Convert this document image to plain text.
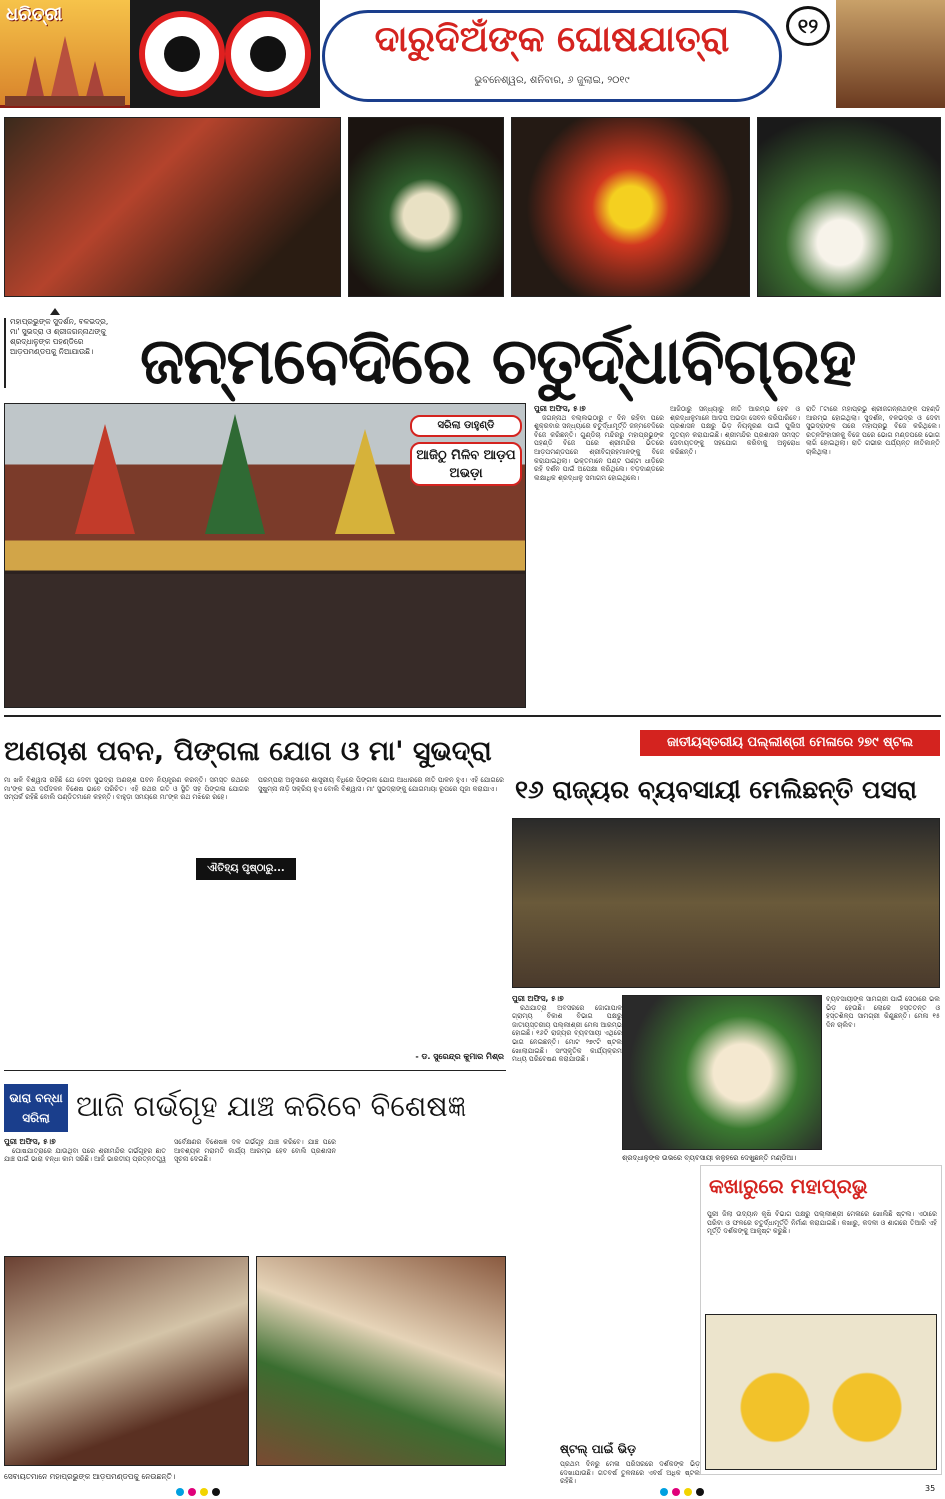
ଧରିତ୍ରୀ
ଦାରୁଦିଅଁଙ୍କ ଘୋଷଯାତ୍ରା
ଭୁବନେଶ୍ୱର, ଶନିବାର, ୬ ଜୁଲାଇ, ୨୦୧୯
୧୨

ମହାପ୍ରଭୁଙ୍କ ସୁଦର୍ଶନ, ବଳଭଦ୍ର, ମା' ସୁଭଦ୍ରା ଓ ଶ୍ରୀଜଗନ୍ନାଥଙ୍କୁ ଶ୍ରଦ୍ଧାଳୁଙ୍କ ପହଣ୍ଡିରେ ଆଡ଼ପମଣ୍ଡପକୁ ନିଆଯାଉଛି। ଜନ୍ମବେଦିରେ ଚତୁର୍ଦ୍ଧାବିଗ୍ରହ
ସରିଲା ଡାହୁଣ୍ଡି
ଆଜିଠୁ ମିଳିବ ଆଡ଼ପ ଅଭଡ଼ା

ପୁରୀ ଅଫିସ, ୫।୭

ଜଗନ୍ନାଥ ବଲ୍ଲଭଠାରୁ ୯ ଦିନ ରହିବା ପରେ ଶୁକ୍ରବାର ସନ୍ଧ୍ୟାରେ ଚତୁର୍ଦ୍ଧାମୂର୍ତ୍ତି ଜନ୍ମବେଦିରେ ବିଜେ କରିଛନ୍ତି। ଗୁଣ୍ଡିଚା ମନ୍ଦିରରୁ ମହାପ୍ରଭୁଙ୍କ ପହଣ୍ଡି ବିଜେ ପରେ ଶ୍ରୀମନ୍ଦିର ଭିତରେ ଆଡ଼ପମଣ୍ଡପରେ ଶ୍ରୀବିଗ୍ରହମାନଙ୍କୁ ବିଜେ କରାଯାଇଥିଲା। ଭକ୍ତମାନେ ଘଣ୍ଟ ଘଣ୍ଟା ଧାଡ଼ିରେ ରହି ଦର୍ଶନ ପାଇଁ ଅପେକ୍ଷା କରିଥିଲେ। ବଡ଼ଦାଣ୍ଡରେ ଲକ୍ଷାଧିକ ଶ୍ରଦ୍ଧାଳୁ ସମାଗମ ହୋଇଥିଲେ।

ଆଜିଠାରୁ ସନ୍ଧ୍ୟାରୁ ନୀତି ଆରମ୍ଭ ହେବ ଓ ଶ୍ରଦ୍ଧାଳୁମାନେ ଆଡ଼ପ ଅଭଡ଼ା ସେବନ କରିପାରିବେ। ପ୍ରଶାସନ ପକ୍ଷରୁ ଭିଡ଼ ନିୟନ୍ତ୍ରଣ ପାଇଁ ପୁଲିସ ମୁତୟନ କରାଯାଇଛି। ଶ୍ରୀମନ୍ଦିର ପ୍ରଶାସନ ସମସ୍ତ ସେବାୟତଙ୍କୁ ସହଯୋଗ କରିବାକୁ ଅନୁରୋଧ କରିଛନ୍ତି।

ରାତି ୮ଟାରେ ମହାପ୍ରଭୁ ଶ୍ରୀଜଗନ୍ନାଥଙ୍କ ପହଣ୍ଡି ଆରମ୍ଭ ହୋଇଥିଲା। ସୁଦର୍ଶନ, ବଳଭଦ୍ର ଓ ଦେବୀ ସୁଭଦ୍ରାଙ୍କ ପରେ ମହାପ୍ରଭୁ ବିଜେ କରିଥିଲେ। ରତ୍ନସିଂହାସନକୁ ବିଜେ ପରେ ଭୋଗ ମଣ୍ଡପରେ ଭୋଗ ଲାଗି ହୋଇଥିଲା। ରାତି ଗଭୀର ପର୍ଯ୍ୟନ୍ତ ନୀତିକାନ୍ତି ଚାଲିଥିଲା।

ଅଣଚାଶ ପବନ, ପିଙ୍ଗଳା ଯୋଗ ଓ ମା' ସୁଭଦ୍ରା

ମା ଖଳି ବିଶ୍ୱାସ ରହିଛି ଯେ ଦେବୀ ସୁଭଦ୍ରା ଅଣଚାଶ ପବନ ନିୟନ୍ତ୍ରଣ କରନ୍ତି। ସମସ୍ତ ରଥରେ ମା'ଙ୍କ ରଥ ଦର୍ପଦଳନ ବିଶେଷ ଭାବେ ପରିଚିତ। ଏହି ରଥର ଗତି ଓ ସ୍ଥିତି ସହ ପିଙ୍ଗଳା ଯୋଗର ସମ୍ପର୍କ ରହିଛି ବୋଲି ପଣ୍ଡିତମାନେ କହନ୍ତି। ବାହୁଡ଼ା ସମୟରେ ମା'ଙ୍କ ରଥ ମଝିରେ ରହେ।

ଐତିହ୍ୟ ପୃଷ୍ଠାରୁ...

ପରମ୍ପରା ଅନୁସାରେ ଶାସ୍ତ୍ରୀୟ ବିଧିରେ ପିଙ୍ଗଳା ଯୋଗ ଆଧାରରେ ନୀତି ପାଳନ ହୁଏ। ଏହି ଯୋଗରେ ସୁଷୁମ୍ନା ନାଡ଼ି ସକ୍ରିୟ ହୁଏ ବୋଲି ବିଶ୍ୱାସ। ମା' ସୁଭଦ୍ରାଙ୍କୁ ଯୋଗମାୟା ରୂପରେ ପୂଜା କରାଯାଏ।

- ଡ. ସୁରେନ୍ଦ୍ର କୁମାର ମିଶ୍ର
ଭାରା ବନ୍ଧା
ସରିଲା ଆଜି ଗର୍ଭଗୃହ ଯାଞ୍ଚ କରିବେ ବିଶେଷଜ୍ଞ

ପୁରୀ ଅଫିସ, ୫।୭

ଘୋଷଯାତ୍ରାରେ ଯାଉଥିବା ପରେ ଶ୍ରୀମନ୍ଦିର ଗର୍ଭଗୃହର ଛାତ ଯାଞ୍ଚ ପାଇଁ ଭାରା ବନ୍ଧା କାମ ସରିଛି। ଆଜି ଭାରତୀୟ ପ୍ରତ୍ନତତ୍ତ୍ୱ ସର୍ବେକ୍ଷଣର ବିଶେଷଜ୍ଞ ଦଳ ଗର୍ଭଗୃହ ଯାଞ୍ଚ କରିବେ। ଯାଞ୍ଚ ପରେ ଆବଶ୍ୟକ ମରାମତି କାର୍ଯ୍ୟ ଆରମ୍ଭ ହେବ ବୋଲି ପ୍ରଶାସନ ସୂଚନା ଦେଇଛି।

ସେବାୟତମାନେ ମହାପ୍ରଭୁଙ୍କ ଆଡ଼ପମଣ୍ଡପକୁ ନେଉଛନ୍ତି।
ଜାତୀୟସ୍ତରୀୟ ପଲ୍ଲୀଶ୍ରୀ ମେଳାରେ ୨୭୯ ଷ୍ଟଲ
୧୬ ରାଜ୍ୟର ବ୍ୟବସାୟୀ ମେଲିଛନ୍ତି ପସରା

ପୁରୀ ଅଫିସ, ୫।୭

ରଥଯାତ୍ରା ଅବସରରେ ଜୋଗାପାଳ ଗ୍ରାମ୍ୟ ବିକାଶ ବିଭାଗ ପକ୍ଷରୁ ଜାତୀୟସ୍ତରୀୟ ପଲ୍ଲୀଶ୍ରୀ ମେଳା ଆରମ୍ଭ ହୋଇଛି। ୧୬ଟି ରାଜ୍ୟର ବ୍ୟବସାୟୀ ଏଥିରେ ଭାଗ ନେଇଛନ୍ତି। ମୋଟ ୨୭୯ଟି ଷ୍ଟଲ ଖୋଲାଯାଇଛି। ସାଂସ୍କୃତିକ କାର୍ଯ୍ୟକ୍ରମ ମଧ୍ୟ ପରିବେଷଣ କରାଯାଉଛି।

ବ୍ୟବସାୟୀଙ୍କ ସାମଗ୍ରୀ ପାଇଁ ସେଠାରେ ଭଲ ଭିଡ଼ ହେଉଛି। ଲୋକେ ହସ୍ତତନ୍ତ ଓ ହସ୍ତଶିଳ୍ପ ସାମଗ୍ରୀ କିଣୁଛନ୍ତି। ମେଳା ୧୫ ଦିନ ଚାଲିବ।

ଶ୍ରଦ୍ଧାଳୁଙ୍କ ଉଭରେ ବ୍ୟବସାୟୀ କଳୁହରେ ଦେଖୁଛନ୍ତି ମଣ୍ଡିଆ।
ଷ୍ଟଲ୍ ପାଇଁ ଭିଡ଼

ପ୍ରଥମ ଦିନରୁ ମେଳା ପରିସରରେ ଦର୍ଶକଙ୍କ ଭିଡ଼ ଦେଖାଯାଉଛି। ଗତବର୍ଷ ତୁଳନାରେ ଏବର୍ଷ ଅଧିକ ଷ୍ଟଲ ରହିଛି।

କଖାରୁରେ ମହାପ୍ରଭୁ

ପୁରୀ ଜିଲା ଉଦ୍ୟାନ କୃଷି ବିଭାଗ ପକ୍ଷରୁ ପଲ୍ଲୀଶ୍ରୀ ମେଳାରେ ଖୋଲିଛି ଷ୍ଟଲ। ଏଠାରେ ପରିବା ଓ ଫଳରେ ଚତୁର୍ଦ୍ଧାମୂର୍ତ୍ତି ନିର୍ମାଣ କରାଯାଇଛି। କଖାରୁ, କଦଳୀ ଓ ଶାଗରେ ତିଆରି ଏହି ମୂର୍ତ୍ତି ଦର୍ଶକଙ୍କୁ ଆକୃଷ୍ଟ କରୁଛି।

35
